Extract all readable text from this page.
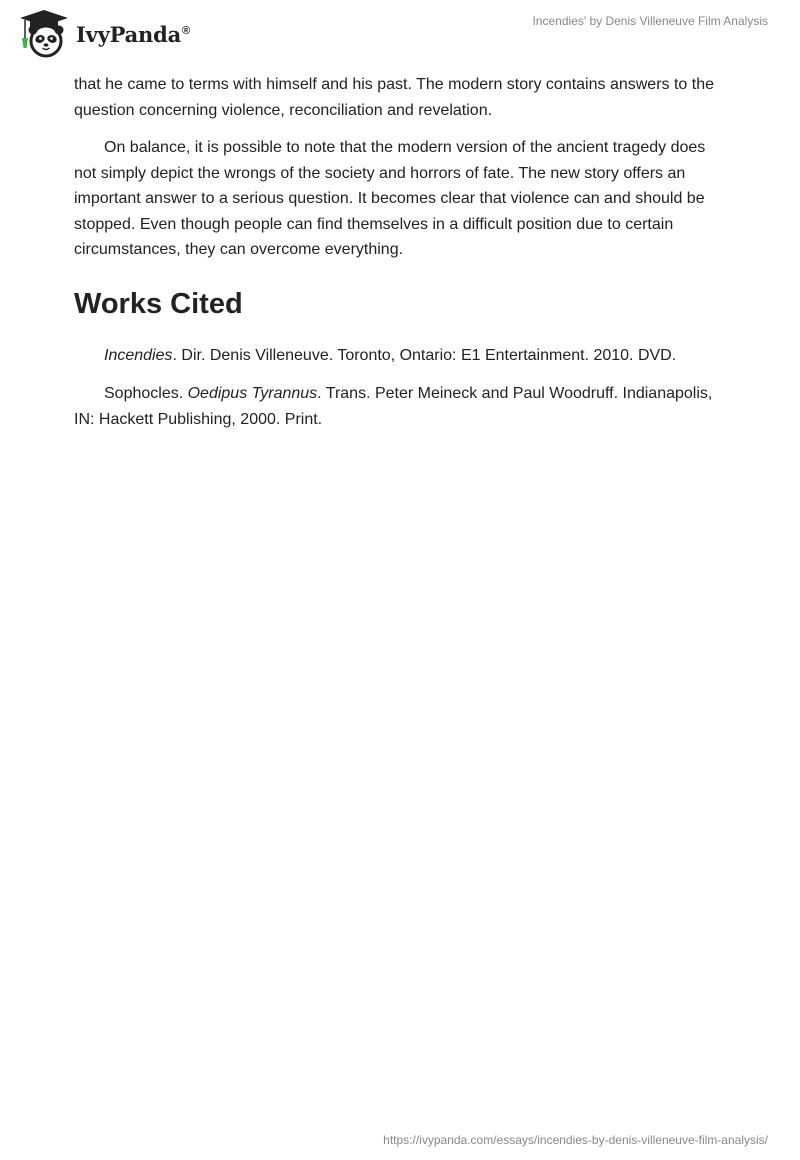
IvyPanda®
Incendies' by Denis Villeneuve Film Analysis

that he came to terms with himself and his past. The modern story contains answers to the question concerning violence, reconciliation and revelation.

On balance, it is possible to note that the modern version of the ancient tragedy does not simply depict the wrongs of the society and horrors of fate. The new story offers an important answer to a serious question. It becomes clear that violence can and should be stopped. Even though people can find themselves in a difficult position due to certain circumstances, they can overcome everything.

Works Cited

Incendies. Dir. Denis Villeneuve. Toronto, Ontario: E1 Entertainment. 2010. DVD.

Sophocles. Oedipus Tyrannus. Trans. Peter Meineck and Paul Woodruff. Indianapolis, IN: Hackett Publishing, 2000. Print.

https://ivypanda.com/essays/incendies-by-denis-villeneuve-film-analysis/
